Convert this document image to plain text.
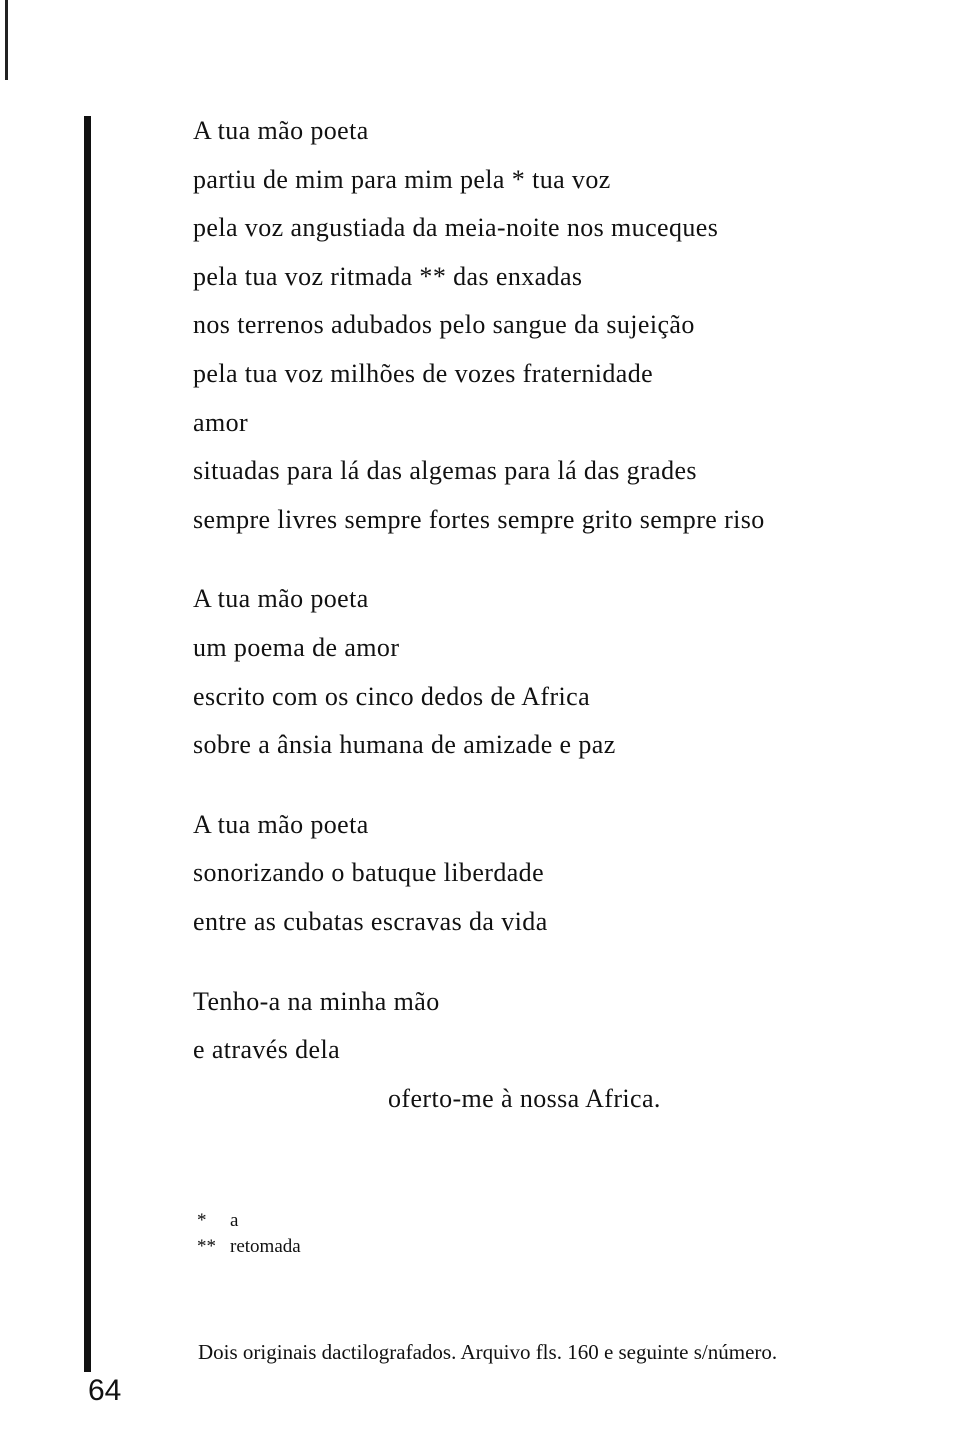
A tua mão poeta
partiu de mim para mim pela * tua voz
pela voz angustiada da meia-noite nos muceques
pela tua voz ritmada ** das enxadas
nos terrenos adubados pelo sangue da sujeição
pela tua voz milhões de vozes fraternidade
amor
situadas para lá das algemas para lá das grades
sempre livres sempre fortes sempre grito sempre riso
A tua mão poeta
um poema de amor
escrito com os cinco dedos de Africa
sobre a ânsia humana de amizade e paz
A tua mão poeta
sonorizando o batuque liberdade
entre as cubatas escravas da vida
Tenho-a na minha mão
e através dela
oferto-me à nossa Africa.
* a
** retomada
Dois originais dactilografados. Arquivo fls. 160 e seguinte s/número.
64
